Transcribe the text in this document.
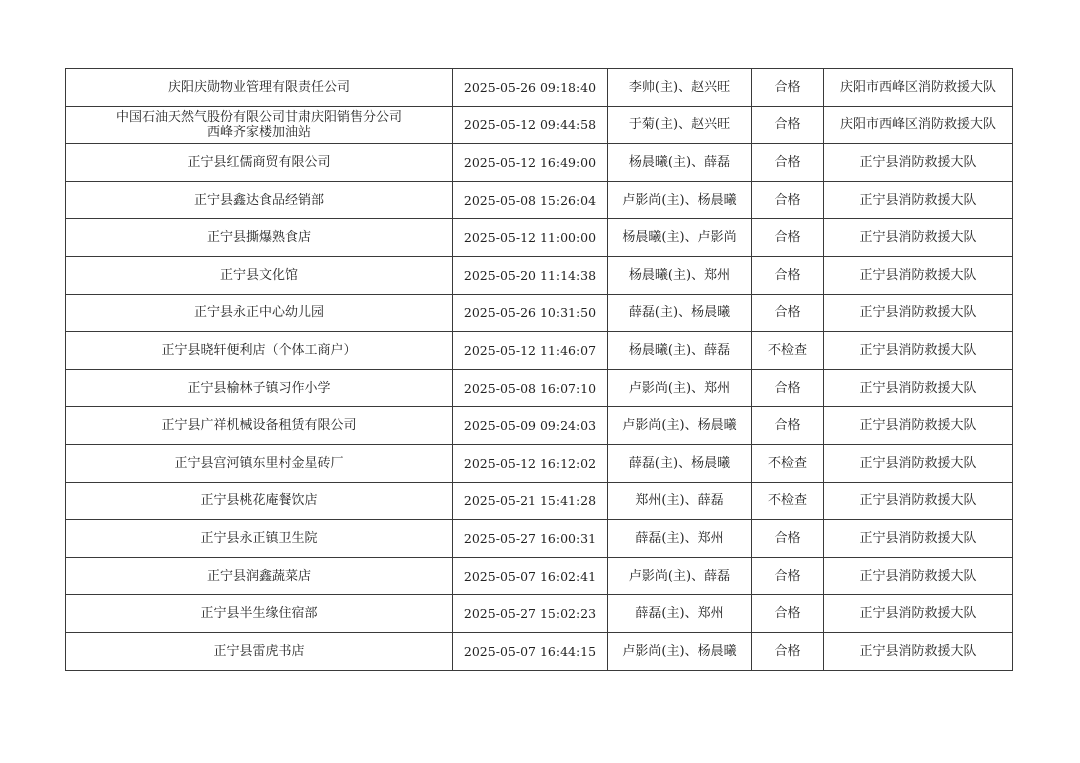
庆阳庆勋物业管理有限责任公司	2025-05-26 09:18:40	李帅(主)、赵兴旺	合格	庆阳市西峰区消防救援大队

中国石油天然气股份有限公司甘肃庆阳销售分公司
西峰齐家楼加油站	2025-05-12 09:44:58	于菊(主)、赵兴旺	合格	庆阳市西峰区消防救援大队

正宁县红儒商贸有限公司	2025-05-12 16:49:00	杨晨曦(主)、薛磊	合格	正宁县消防救援大队

正宁县鑫达食品经销部	2025-05-08 15:26:04	卢影尚(主)、杨晨曦	合格	正宁县消防救援大队

正宁县撕爆熟食店	2025-05-12 11:00:00	杨晨曦(主)、卢影尚	合格	正宁县消防救援大队

正宁县文化馆	2025-05-20 11:14:38	杨晨曦(主)、郑州	合格	正宁县消防救援大队

正宁县永正中心幼儿园	2025-05-26 10:31:50	薛磊(主)、杨晨曦	合格	正宁县消防救援大队

正宁县晓轩便利店（个体工商户）	2025-05-12 11:46:07	杨晨曦(主)、薛磊	不检查	正宁县消防救援大队

正宁县榆林子镇习作小学	2025-05-08 16:07:10	卢影尚(主)、郑州	合格	正宁县消防救援大队

正宁县广祥机械设备租赁有限公司	2025-05-09 09:24:03	卢影尚(主)、杨晨曦	合格	正宁县消防救援大队

正宁县宫河镇东里村金星砖厂	2025-05-12 16:12:02	薛磊(主)、杨晨曦	不检查	正宁县消防救援大队

正宁县桃花庵餐饮店	2025-05-21 15:41:28	郑州(主)、薛磊	不检查	正宁县消防救援大队

正宁县永正镇卫生院	2025-05-27 16:00:31	薛磊(主)、郑州	合格	正宁县消防救援大队

正宁县润鑫蔬菜店	2025-05-07 16:02:41	卢影尚(主)、薛磊	合格	正宁县消防救援大队

正宁县半生缘住宿部	2025-05-27 15:02:23	薛磊(主)、郑州	合格	正宁县消防救援大队

正宁县雷虎书店	2025-05-07 16:44:15	卢影尚(主)、杨晨曦	合格	正宁县消防救援大队
